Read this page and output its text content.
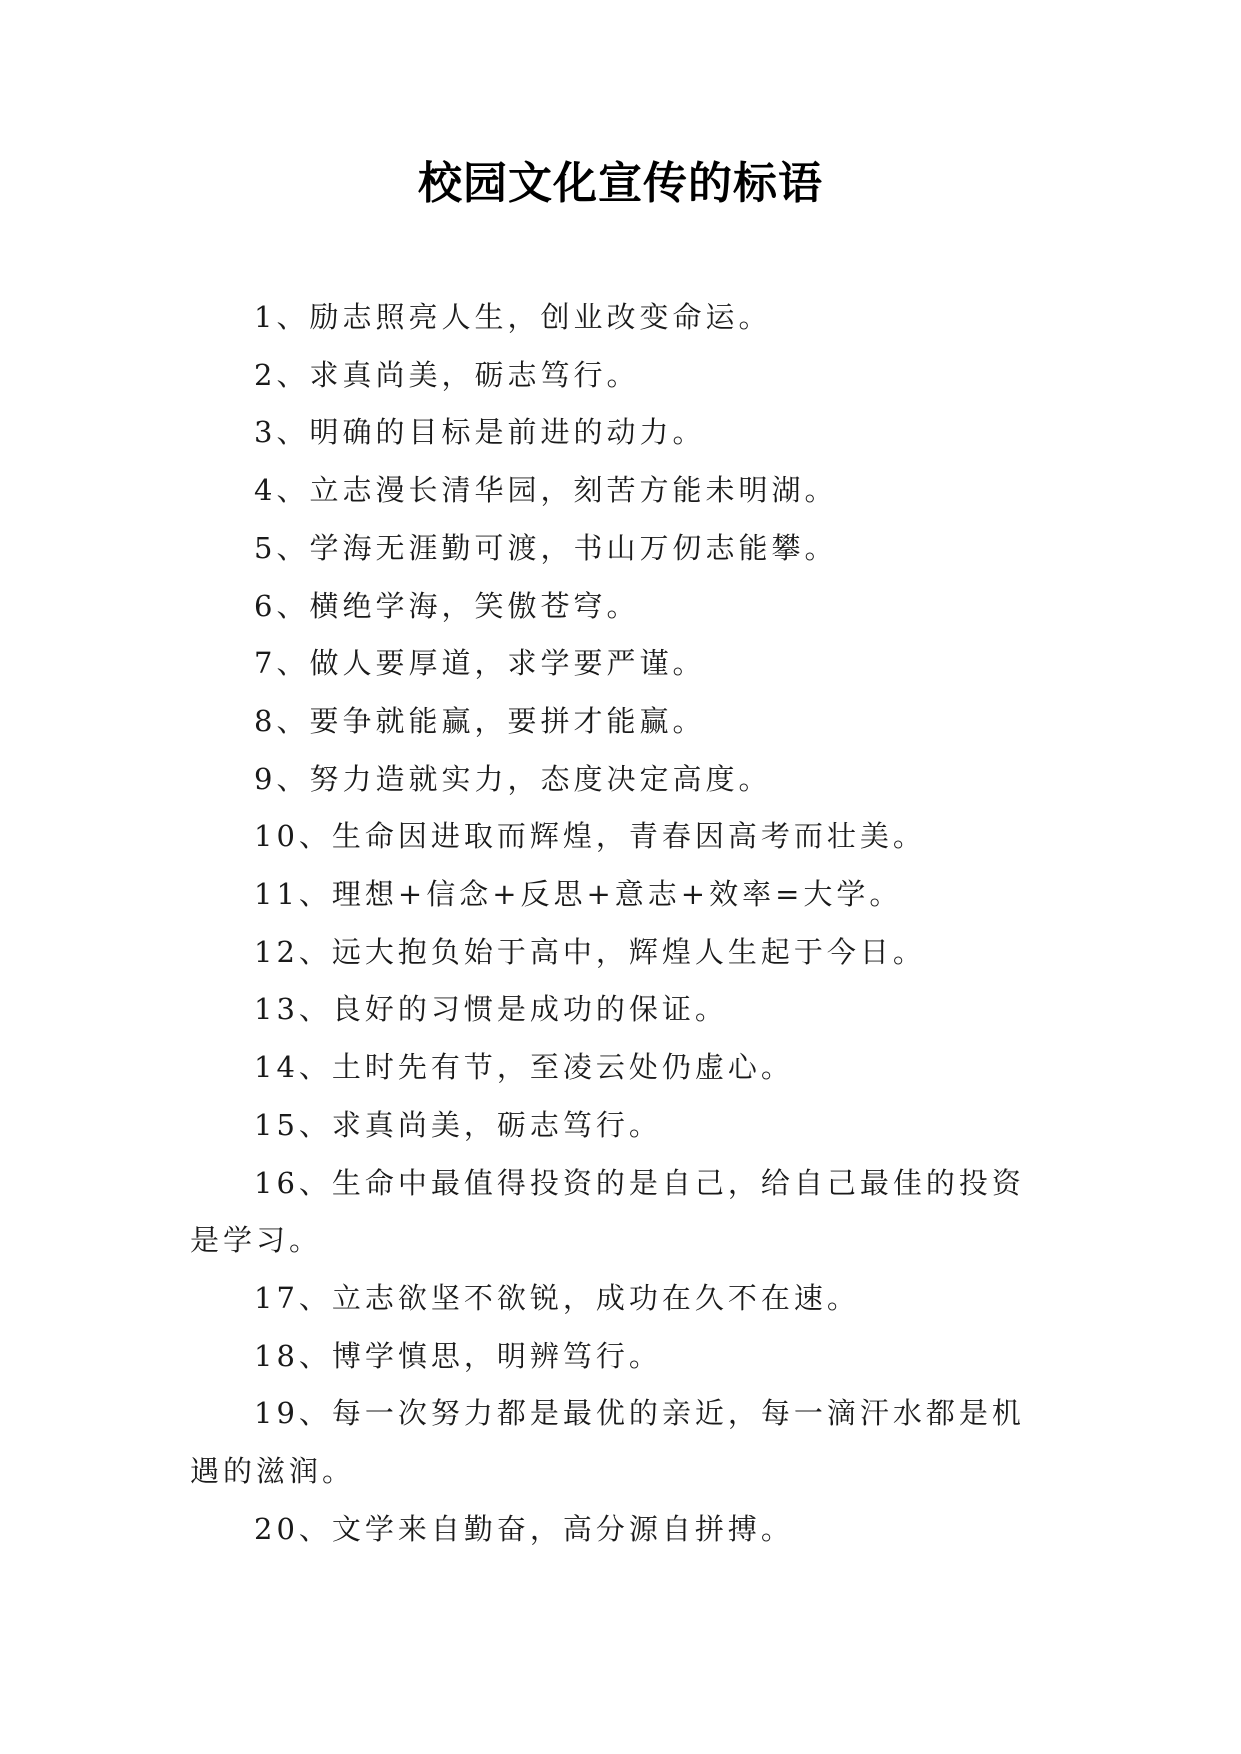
校园文化宣传的标语

1、励志照亮人生，创业改变命运。

2、求真尚美，砺志笃行。

3、明确的目标是前进的动力。

4、立志漫长清华园，刻苦方能未明湖。

5、学海无涯勤可渡，书山万仞志能攀。

6、横绝学海，笑傲苍穹。

7、做人要厚道，求学要严谨。

8、要争就能赢，要拼才能赢。

9、努力造就实力，态度决定高度。

10、生命因进取而辉煌，青春因高考而壮美。

11、理想+信念+反思+意志+效率=大学。

12、远大抱负始于高中，辉煌人生起于今日。

13、良好的习惯是成功的保证。

14、土时先有节，至凌云处仍虚心。

15、求真尚美，砺志笃行。

16、生命中最值得投资的是自己，给自己最佳的投资是学习。

17、立志欲坚不欲锐，成功在久不在速。

18、博学慎思，明辨笃行。

19、每一次努力都是最优的亲近，每一滴汗水都是机遇的滋润。

20、文学来自勤奋，高分源自拼搏。
